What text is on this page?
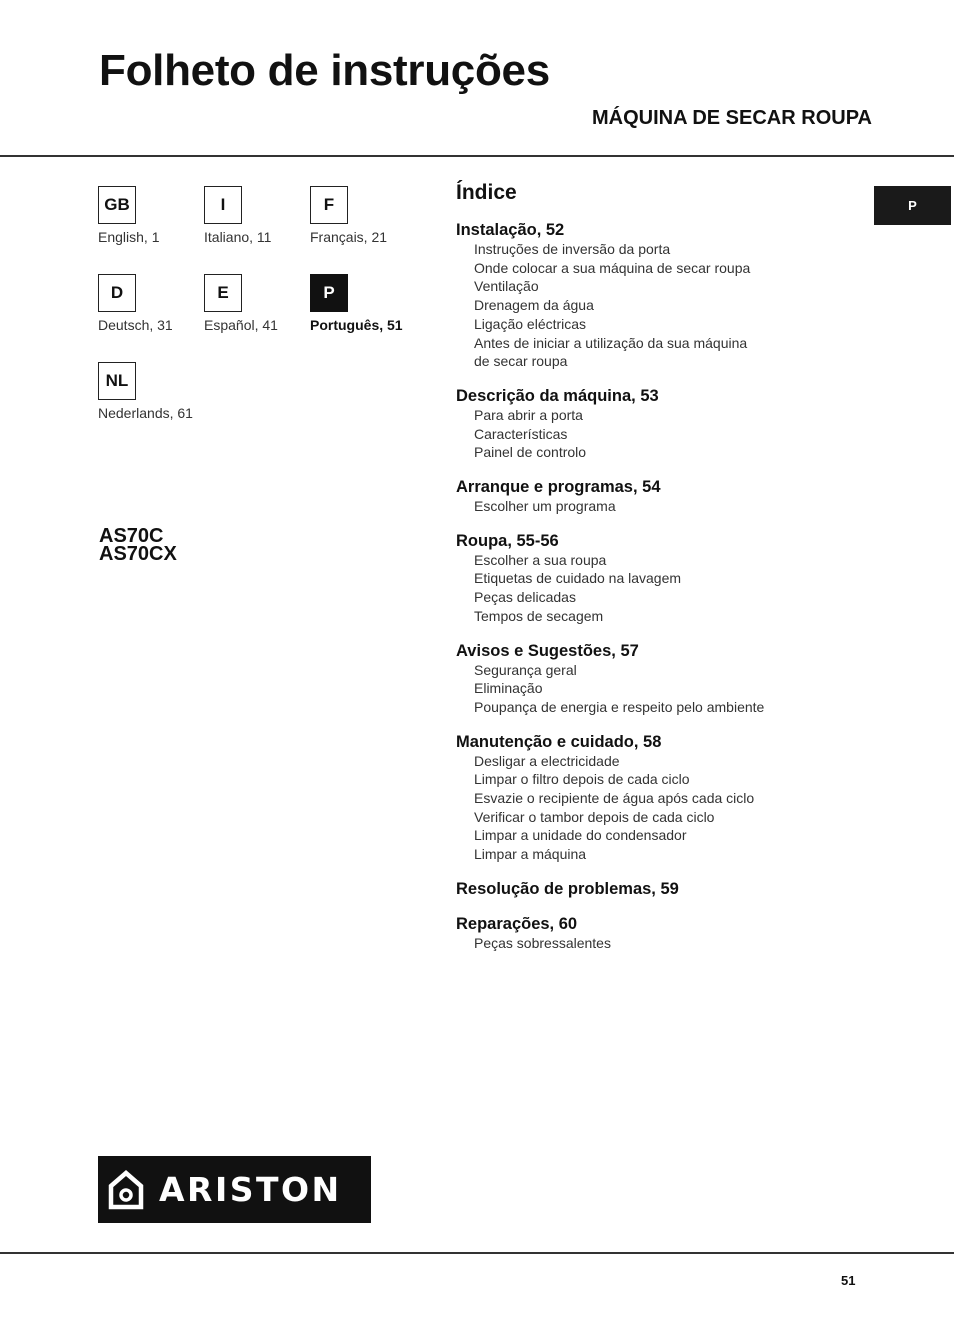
Folheto de instruções
MÁQUINA DE SECAR ROUPA
GB
English, 1
I
Italiano, 11
F
Français, 21
D
Deutsch, 31
E
Español, 41
P
Português, 51
NL
Nederlands, 61
AS70C
AS70CX
Índice
Instalação, 52
Instruções de inversão da porta
Onde colocar a sua máquina de secar roupa
Ventilação
Drenagem da água
Ligação eléctricas
Antes de iniciar a utilização da sua máquina
de secar roupa
Descrição da máquina, 53
Para abrir a porta
Características
Painel de controlo
Arranque e programas, 54
Escolher um programa
Roupa, 55-56
Escolher a sua roupa
Etiquetas de cuidado na lavagem
Peças delicadas
Tempos de secagem
Avisos e Sugestões, 57
Segurança geral
Eliminação
Poupança de energia e respeito pelo ambiente
Manutenção e cuidado, 58
Desligar a electricidade
Limpar o filtro depois de cada ciclo
Esvazie o recipiente de água após cada ciclo
Verificar o tambor depois de cada ciclo
Limpar a unidade do condensador
Limpar a máquina
Resolução de problemas, 59
Reparações, 60
Peças sobressalentes
P
ARISTON
51
